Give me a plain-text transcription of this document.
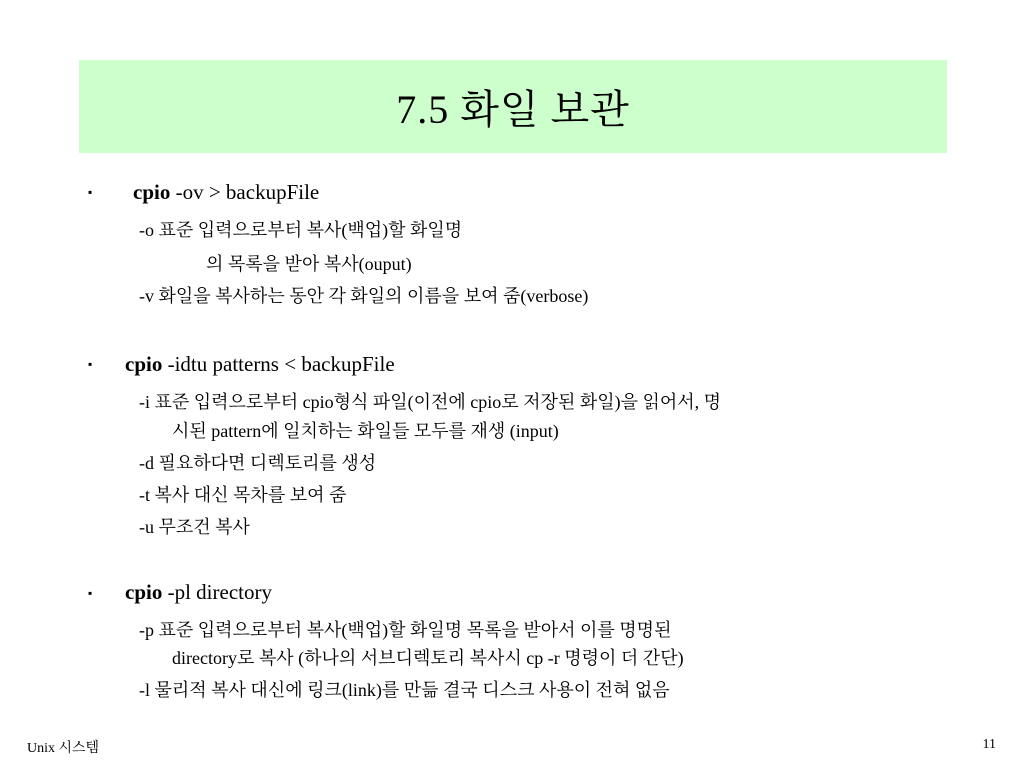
7.5 화일 보관
▪ cpio -ov > backupFile
-o 표준 입력으로부터 복사(백업)할 화일명
의 목록을 받아 복사(ouput)
-v 화일을 복사하는 동안 각 화일의 이름을 보여 줌(verbose)
▪ cpio -idtu patterns < backupFile
-i 표준 입력으로부터 cpio형식 파일(이전에 cpio로 저장된 화일)을 읽어서, 명
시된 pattern에 일치하는 화일들 모두를 재생 (input)
-d 필요하다면 디렉토리를 생성
-t 복사 대신 목차를 보여 줌
-u 무조건 복사
▪ cpio -pl directory
-p 표준 입력으로부터 복사(백업)할 화일명 목록을 받아서 이를 명명된
directory로 복사 (하나의 서브디렉토리 복사시 cp -r 명령이 더 간단)
-l 물리적 복사 대신에 링크(link)를 만듦 결국 디스크 사용이 전혀 없음
Unix 시스템	11
